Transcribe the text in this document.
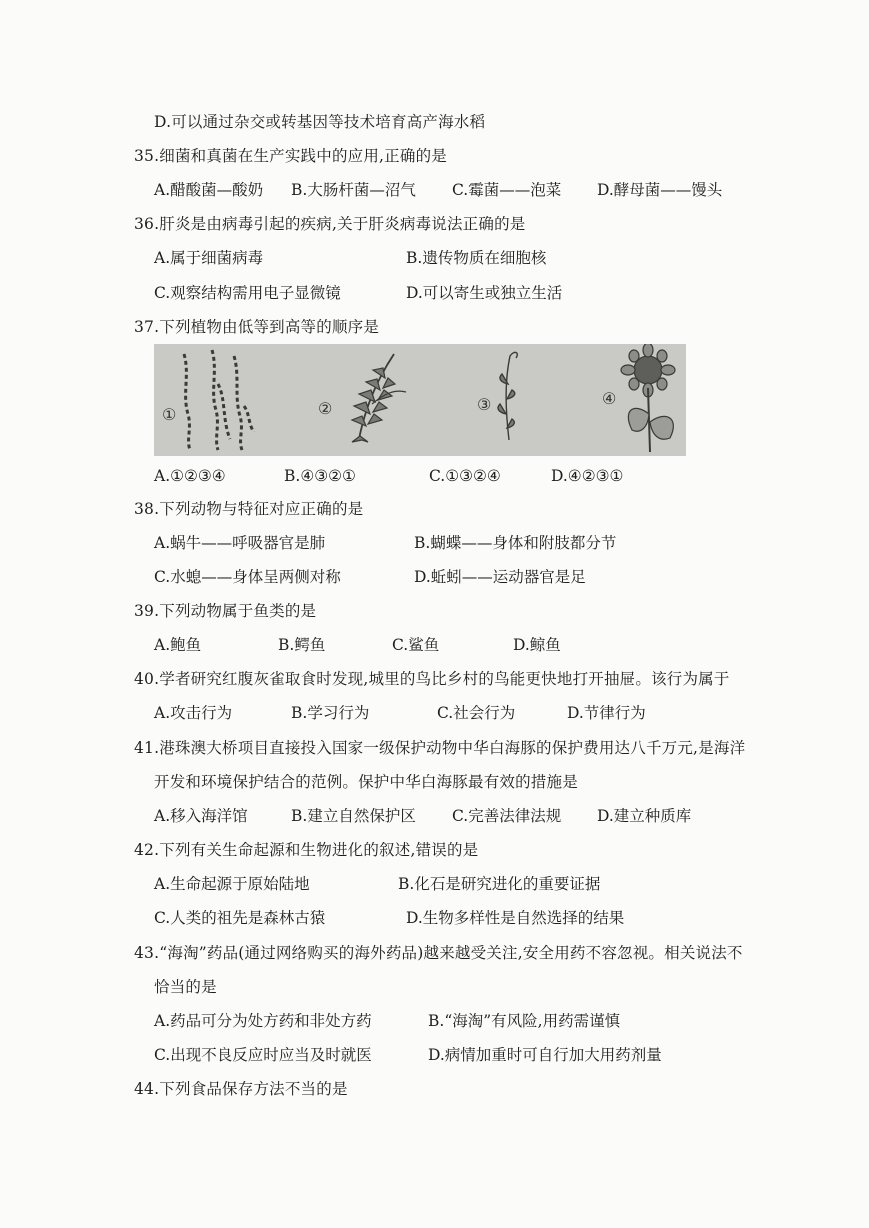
D.可以通过杂交或转基因等技术培育高产海水稻
35.细菌和真菌在生产实践中的应用,正确的是
A.醋酸菌—酸奶 B.大肠杆菌—沼气 C.霉菌——泡菜 D.酵母菌——馒头
36.肝炎是由病毒引起的疾病,关于肝炎病毒说法正确的是
A.属于细菌病毒	B.遗传物质在细胞核
C.观察结构需用电子显微镜	D.可以寄生或独立生活
37.下列植物由低等到高等的顺序是
①	②	③	④
A.①②③④	B.④③②①	C.①③②④	D.④②③①
38.下列动物与特征对应正确的是
A.蜗牛——呼吸器官是肺	B.蝴蝶——身体和附肢都分节
C.水螅——身体呈两侧对称	D.蚯蚓——运动器官是足
39.下列动物属于鱼类的是
A.鲍鱼	B.鳄鱼	C.鲨鱼	D.鲸鱼
40.学者研究红腹灰雀取食时发现,城里的鸟比乡村的鸟能更快地打开抽屉。该行为属于
A.攻击行为	B.学习行为	C.社会行为	D.节律行为
41.港珠澳大桥项目直接投入国家一级保护动物中华白海豚的保护费用达八千万元,是海洋
开发和环境保护结合的范例。保护中华白海豚最有效的措施是
A.移入海洋馆	B.建立自然保护区 C.完善法律法规 D.建立种质库
42.下列有关生命起源和生物进化的叙述,错误的是
A.生命起源于原始陆地	B.化石是研究进化的重要证据
C.人类的祖先是森林古猿	D.生物多样性是自然选择的结果
43.“海淘”药品(通过网络购买的海外药品)越来越受关注,安全用药不容忽视。相关说法不
恰当的是
A.药品可分为处方药和非处方药	B.“海淘”有风险,用药需谨慎
C.出现不良反应时应当及时就医	D.病情加重时可自行加大用药剂量
44.下列食品保存方法不当的是
